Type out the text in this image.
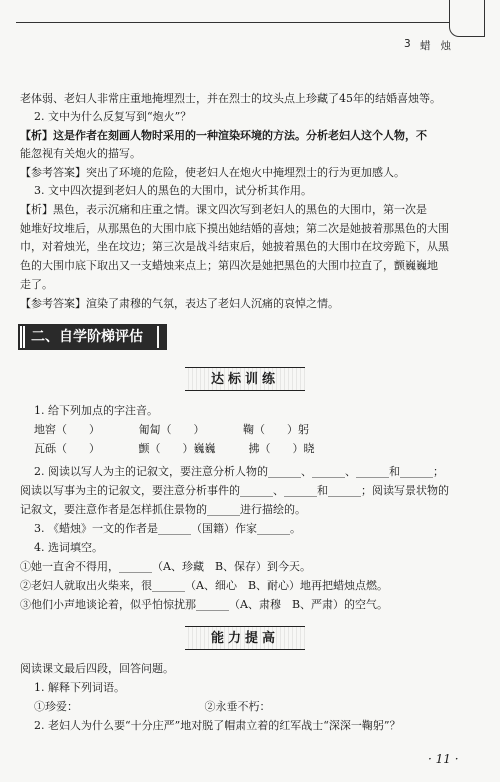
3 蜡烛
老体弱、老妇人非常庄重地掩埋烈士，并在烈士的坟头点上珍藏了45年的结婚喜烛等。
2. 文中为什么反复写到“炮火”？
【析】这是作者在刻画人物时采用的一种渲染环境的方法。分析老妇人这个人物，不
能忽视有关炮火的描写。
【参考答案】突出了环境的危险，使老妇人在炮火中掩埋烈士的行为更加感人。
3. 文中四次提到老妇人的黑色的大围巾，试分析其作用。
【析】黑色，表示沉痛和庄重之情。课文四次写到老妇人的黑色的大围巾，第一次是
她堆好坟堆后，从那黑色的大围巾底下摸出她结婚的喜烛；第二次是她披着那黑色的大围
巾，对着烛光，坐在坟边；第三次是战斗结束后，她披着黑色的大围巾在坟旁跪下，从黑
色的大围巾底下取出又一支蜡烛来点上；第四次是她把黑色的大围巾拉直了，颤巍巍地
走了。
【参考答案】渲染了肃穆的气氛，表达了老妇人沉痛的哀悼之情。
二、自学阶梯评估
达标训练
1. 给下列加点的字注音。
地窖（　　）　　　　匍匐（　　）　　　　鞠（　　）躬
瓦砾（　　）　　　　颤（　　）巍巍　　　拂（　　）晓
2. 阅读以写人为主的记叙文，要注意分析人物的______、______、______和______；
阅读以写事为主的记叙文，要注意分析事件的______、______和______；阅读写景状物的
记叙文，要注意作者是怎样抓住景物的______进行描绘的。
3. 《蜡烛》一文的作者是______（国籍）作家______。
4. 选词填空。
①她一直舍不得用，______（A、珍藏　B、保存）到今天。
②老妇人就取出火柴来，很______（A、细心　B、耐心）地再把蜡烛点燃。
③他们小声地谈论着，似乎怕惊扰那______（A、肃穆　B、严肃）的空气。
能力提高
阅读课文最后四段，回答问题。
1. 解释下列词语。
①珍爱：　　　　　　　　　　　　②永垂不朽：
2. 老妇人为什么要“十分庄严”地对脱了帽肃立着的红军战士“深深一鞠躬”？
· 11 ·
